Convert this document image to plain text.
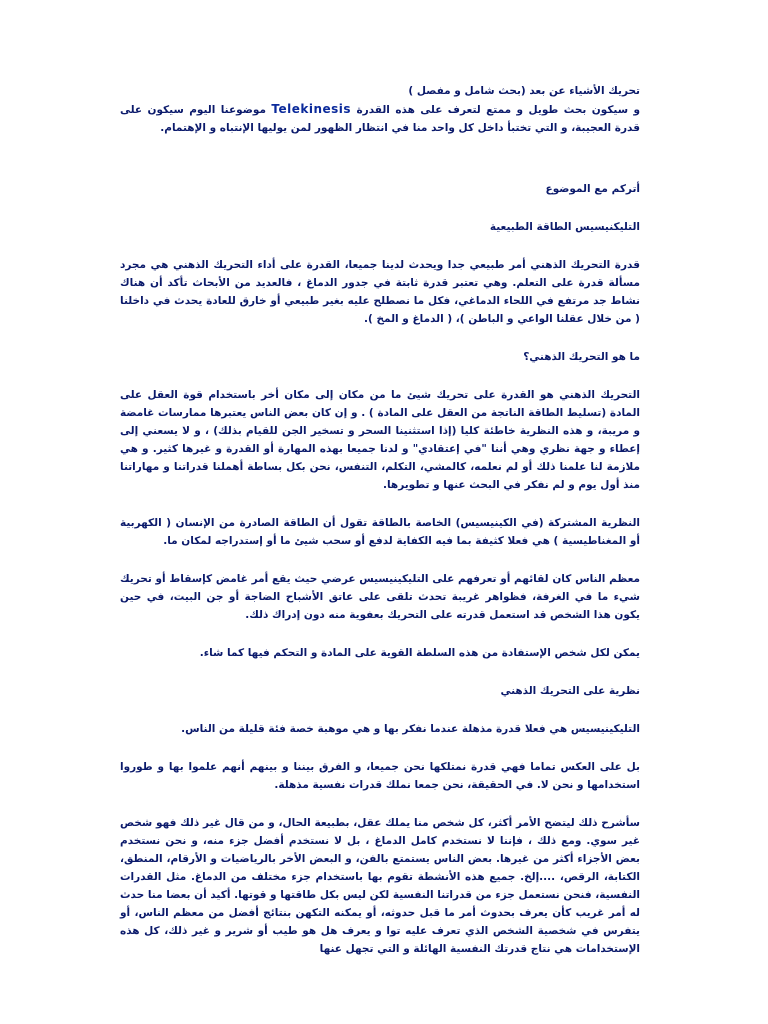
تحريك الأشياء عن بعد (بحث شامل و مفصل )

و سيكون بحث طويل و ممتع لتعرف على هذه القدرة Telekinesis موضوعنا اليوم سيكون على قدرة العجيبة، و التي تختبأ داخل كل واحد منا في انتظار الظهور لمن يوليها الإنتباه و الإهتمام.

أتركم مع الموضوع

التليكنيسيس الطاقة الطبيعية

قدرة التحريك الذهني أمر طبيعي جدا ويحدث لدينا جميعا، القدرة على أداء التحريك الذهني هي مجرد مسألة قدرة على التعلم. وهي تعتبر قدرة ثابتة في جدور الدماغ ، فالعديد من الأبحاث تأكد أن هناك نشاط جد مرتفع في اللحاء الدماغي، فكل ما نصطلح عليه بغير طبيعي أو خارق للعادة يحدث في داخلنا ( من خلال عقلنا الواعي و الباطن )، ( الدماغ و المخ ).

ما هو التحريك الذهني؟

التحريك الذهني هو القدرة على تحريك شيئ ما من مكان إلى مكان أخر باستخدام قوة العقل على المادة (تسليط الطاقة الناتجة من العقل على المادة ) . و إن كان بعض الناس يعتبرها ممارسات غامضة و مريبة، و هذه النظرية خاطئة كليا (إذا استثنينا السحر و تسخير الجن للقيام بذلك) ، و لا يسعني إلى إعطاء و جهة نظري وهي أننا "في إعتقادي" و لدنا جميعا بهذه المهارة أو القدرة و غيرها كثير. و هي ملازمة لنا علمنا ذلك أو لم نعلمه، كالمشي، التكلم، التنفس، نحن بكل بساطة أهملنا قدراتنا و مهاراتنا منذ أول يوم و لم نفكر في البحث عنها و تطويرها.

النظرية المشتركة (في الكينيسيس) الخاصة بالطاقة تقول أن الطاقة الصادرة من الإنسان ( الكهربية أو المغناطيسية ) هي فعلا كثيفة بما فيه الكفاية لدفع أو سحب شيئ ما أو إستدراجه لمكان ما.

معظم الناس كان لقائهم أو تعرفهم على التليكينيسيس عرضي حيث يقع أمر غامض كإسقاط أو تحريك شيء ما في الغرفة، فظواهر غريبة تحدث تلقى على عاتق الأشباح الضاجة أو جن البيت، في حين يكون هذا الشخص قد استعمل قدرته على التحريك بعفوية منه دون إدراك ذلك.

يمكن لكل شخص الإستفادة من هذه السلطة القوية على المادة و التحكم فيها كما شاء.

نظرية على التحريك الذهني

التليكينيسيس هي فعلا قدرة مذهلة عندما نفكر بها و هي موهبة خصة فئة قليلة من الناس.

بل على العكس تماما فهي قدرة نمتلكها نحن جميعا، و الفرق بيننا و بينهم أنهم علموا بها و طوروا استخدامها و نحن لا. في الحقيقة، نحن جمعا نملك قدرات نفسية مذهلة.

سأشرح ذلك ليتضح الأمر أكثر، كل شخص منا يملك عقل، بطبيعة الحال، و من قال غير ذلك فهو شخص غير سوي. ومع ذلك ، فإننا لا نستخدم كامل الدماغ ، بل لا نستخدم أفضل جزء منه، و نحن نستخدم بعض الأجزاء أكثر من غيرها. بعض الناس يستمتع بالفن، و البعض الأخر بالرياضيات و الأرقام، المنطق، الكتابة، الرقص، ....إلخ. جميع هذه الأنشطة تقوم بها باستخدام جزء مختلف من الدماغ. مثل القدرات النفسية، فنحن نستعمل جزء من قدراتنا النفسية لكن ليس بكل طاقتها و قوتها. أكيد أن بعضا منا حدث له أمر غريب كأن يعرف بحدوث أمر ما قبل حدوثه، أو يمكنه التكهن بنتائج أفضل من معظم الناس، أو يتفرس في شخصية الشخص الذي تعرف عليه توا و يعرف هل هو طيب أو شرير و غير ذلك، كل هذه الإستخدامات هي نتاج قدرتك النفسية الهائلة و التي تجهل عنها
